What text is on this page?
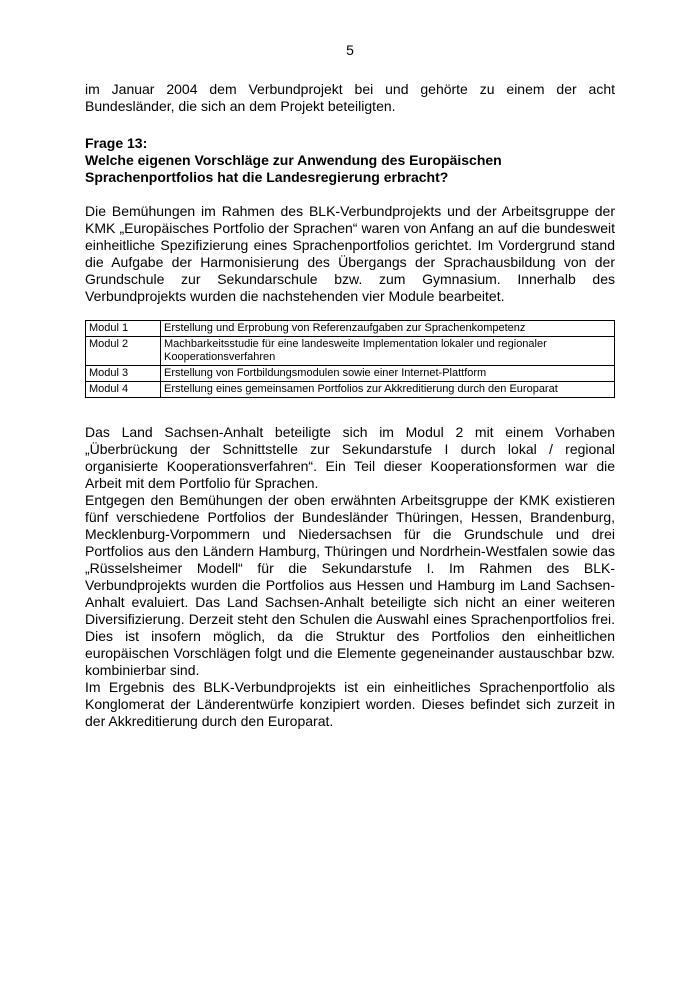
5

im Januar 2004 dem Verbundprojekt bei und gehörte zu einem der acht Bundesländer, die sich an dem Projekt beteiligten.

Frage 13:

Welche eigenen Vorschläge zur Anwendung des Europäischen Sprachenportfolios hat die Landesregierung erbracht?

Die Bemühungen im Rahmen des BLK-Verbundprojekts und der Arbeitsgruppe der KMK „Europäisches Portfolio der Sprachen“ waren von Anfang an auf die bundesweit einheitliche Spezifizierung eines Sprachenportfolios gerichtet. Im Vordergrund stand die Aufgabe der Harmonisierung des Übergangs der Sprachausbildung von der Grundschule zur Sekundarschule bzw. zum Gymnasium. Innerhalb des Verbundprojekts wurden die nachstehenden vier Module bearbeitet.

Modul 1	Erstellung und Erprobung von Referenzaufgaben zur Sprachenkompetenz
Modul 2	Machbarkeitsstudie für eine landesweite Implementation lokaler und regionaler Kooperationsverfahren
Modul 3	Erstellung von Fortbildungsmodulen sowie einer Internet-Plattform
Modul 4	Erstellung eines gemeinsamen Portfolios zur Akkreditierung durch den Europarat

Das Land Sachsen-Anhalt beteiligte sich im Modul 2 mit einem Vorhaben „Überbrückung der Schnittstelle zur Sekundarstufe I durch lokal / regional organisierte Kooperationsverfahren“. Ein Teil dieser Kooperationsformen war die Arbeit mit dem Portfolio für Sprachen.

Entgegen den Bemühungen der oben erwähnten Arbeitsgruppe der KMK existieren fünf verschiedene Portfolios der Bundesländer Thüringen, Hessen, Brandenburg, Mecklenburg-Vorpommern und Niedersachsen für die Grundschule und drei Portfolios aus den Ländern Hamburg, Thüringen und Nordrhein-Westfalen sowie das „Rüsselsheimer Modell“ für die Sekundarstufe I. Im Rahmen des BLK-Verbundprojekts wurden die Portfolios aus Hessen und Hamburg im Land Sachsen-Anhalt evaluiert. Das Land Sachsen-Anhalt beteiligte sich nicht an einer weiteren Diversifizierung. Derzeit steht den Schulen die Auswahl eines Sprachenportfolios frei. Dies ist insofern möglich, da die Struktur des Portfolios den einheitlichen europäischen Vorschlägen folgt und die Elemente gegeneinander austauschbar bzw. kombinierbar sind.

Im Ergebnis des BLK-Verbundprojekts ist ein einheitliches Sprachenportfolio als Konglomerat der Länderentwürfe konzipiert worden. Dieses befindet sich zurzeit in der Akkreditierung durch den Europarat.
